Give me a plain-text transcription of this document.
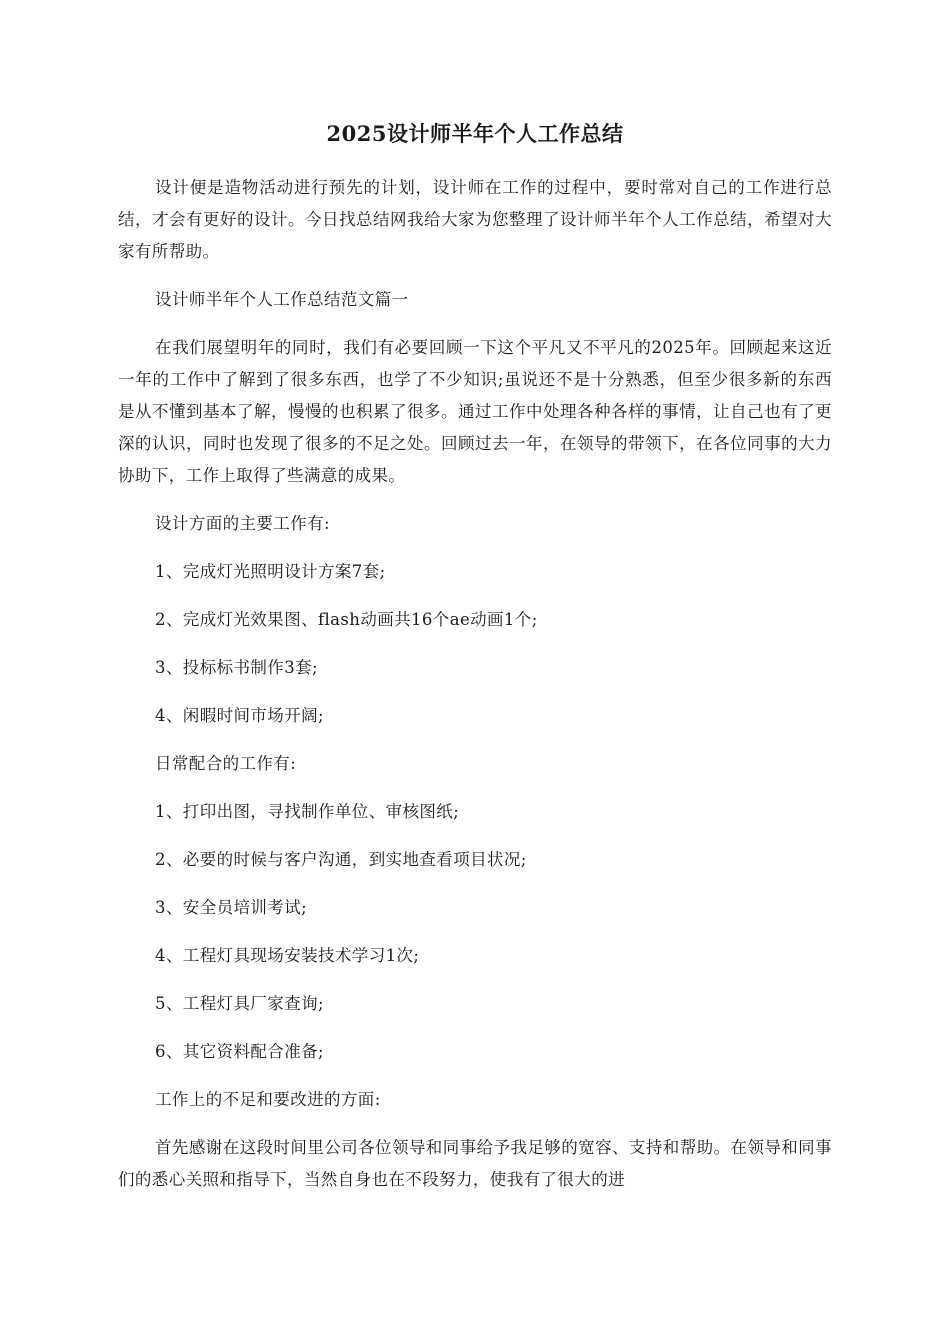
2025设计师半年个人工作总结

设计便是造物活动进行预先的计划，设计师在工作的过程中，要时常对自己的工作进行总结，才会有更好的设计。今日找总结网我给大家为您整理了设计师半年个人工作总结，希望对大家有所帮助。

设计师半年个人工作总结范文篇一

在我们展望明年的同时，我们有必要回顾一下这个平凡又不平凡的2025年。回顾起来这近一年的工作中了解到了很多东西，也学了不少知识;虽说还不是十分熟悉，但至少很多新的东西是从不懂到基本了解，慢慢的也积累了很多。通过工作中处理各种各样的事情，让自己也有了更深的认识，同时也发现了很多的不足之处。回顾过去一年，在领导的带领下，在各位同事的大力协助下，工作上取得了些满意的成果。

设计方面的主要工作有:

1、完成灯光照明设计方案7套;

2、完成灯光效果图、flash动画共16个ae动画1个;

3、投标标书制作3套;

4、闲暇时间市场开阔;

日常配合的工作有:

1、打印出图，寻找制作单位、审核图纸;

2、必要的时候与客户沟通，到实地查看项目状况;

3、安全员培训考试;

4、工程灯具现场安装技术学习1次;

5、工程灯具厂家查询;

6、其它资料配合准备;

工作上的不足和要改进的方面:

首先感谢在这段时间里公司各位领导和同事给予我足够的宽容、支持和帮助。在领导和同事们的悉心关照和指导下，当然自身也在不段努力，使我有了很大的进
